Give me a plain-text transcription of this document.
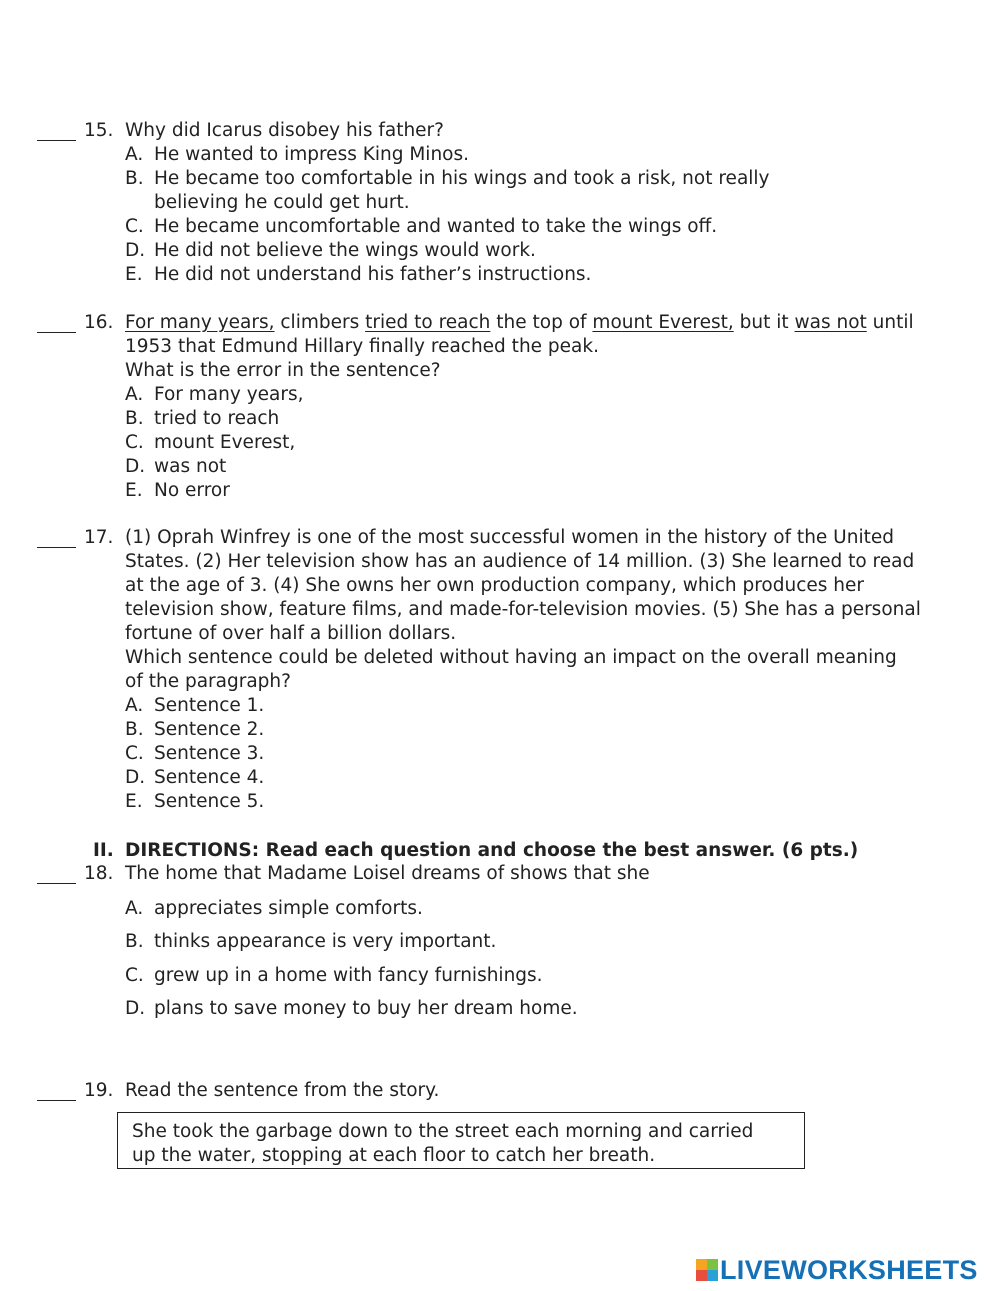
15. Why did Icarus disobey his father?
A. He wanted to impress King Minos.
B. He became too comfortable in his wings and took a risk, not really
believing he could get hurt.
C. He became uncomfortable and wanted to take the wings off.
D. He did not believe the wings would work.
E. He did not understand his father’s instructions.
16. For many years, climbers tried to reach the top of mount Everest, but it was not until
1953 that Edmund Hillary finally reached the peak.
What is the error in the sentence?
A. For many years,
B. tried to reach
C. mount Everest,
D. was not
E. No error
17. (1) Oprah Winfrey is one of the most successful women in the history of the United
States. (2) Her television show has an audience of 14 million. (3) She learned to read
at the age of 3. (4) She owns her own production company, which produces her
television show, feature films, and made-for-television movies. (5) She has a personal
fortune of over half a billion dollars.
Which sentence could be deleted without having an impact on the overall meaning
of the paragraph?
A. Sentence 1.
B. Sentence 2.
C. Sentence 3.
D. Sentence 4.
E. Sentence 5.
II. DIRECTIONS: Read each question and choose the best answer. (6 pts.)
18. The home that Madame Loisel dreams of shows that she
A. appreciates simple comforts.
B. thinks appearance is very important.
C. grew up in a home with fancy furnishings.
D. plans to save money to buy her dream home.
19. Read the sentence from the story.
She took the garbage down to the street each morning and carried
up the water, stopping at each floor to catch her breath.
LIVEWORKSHEETS
